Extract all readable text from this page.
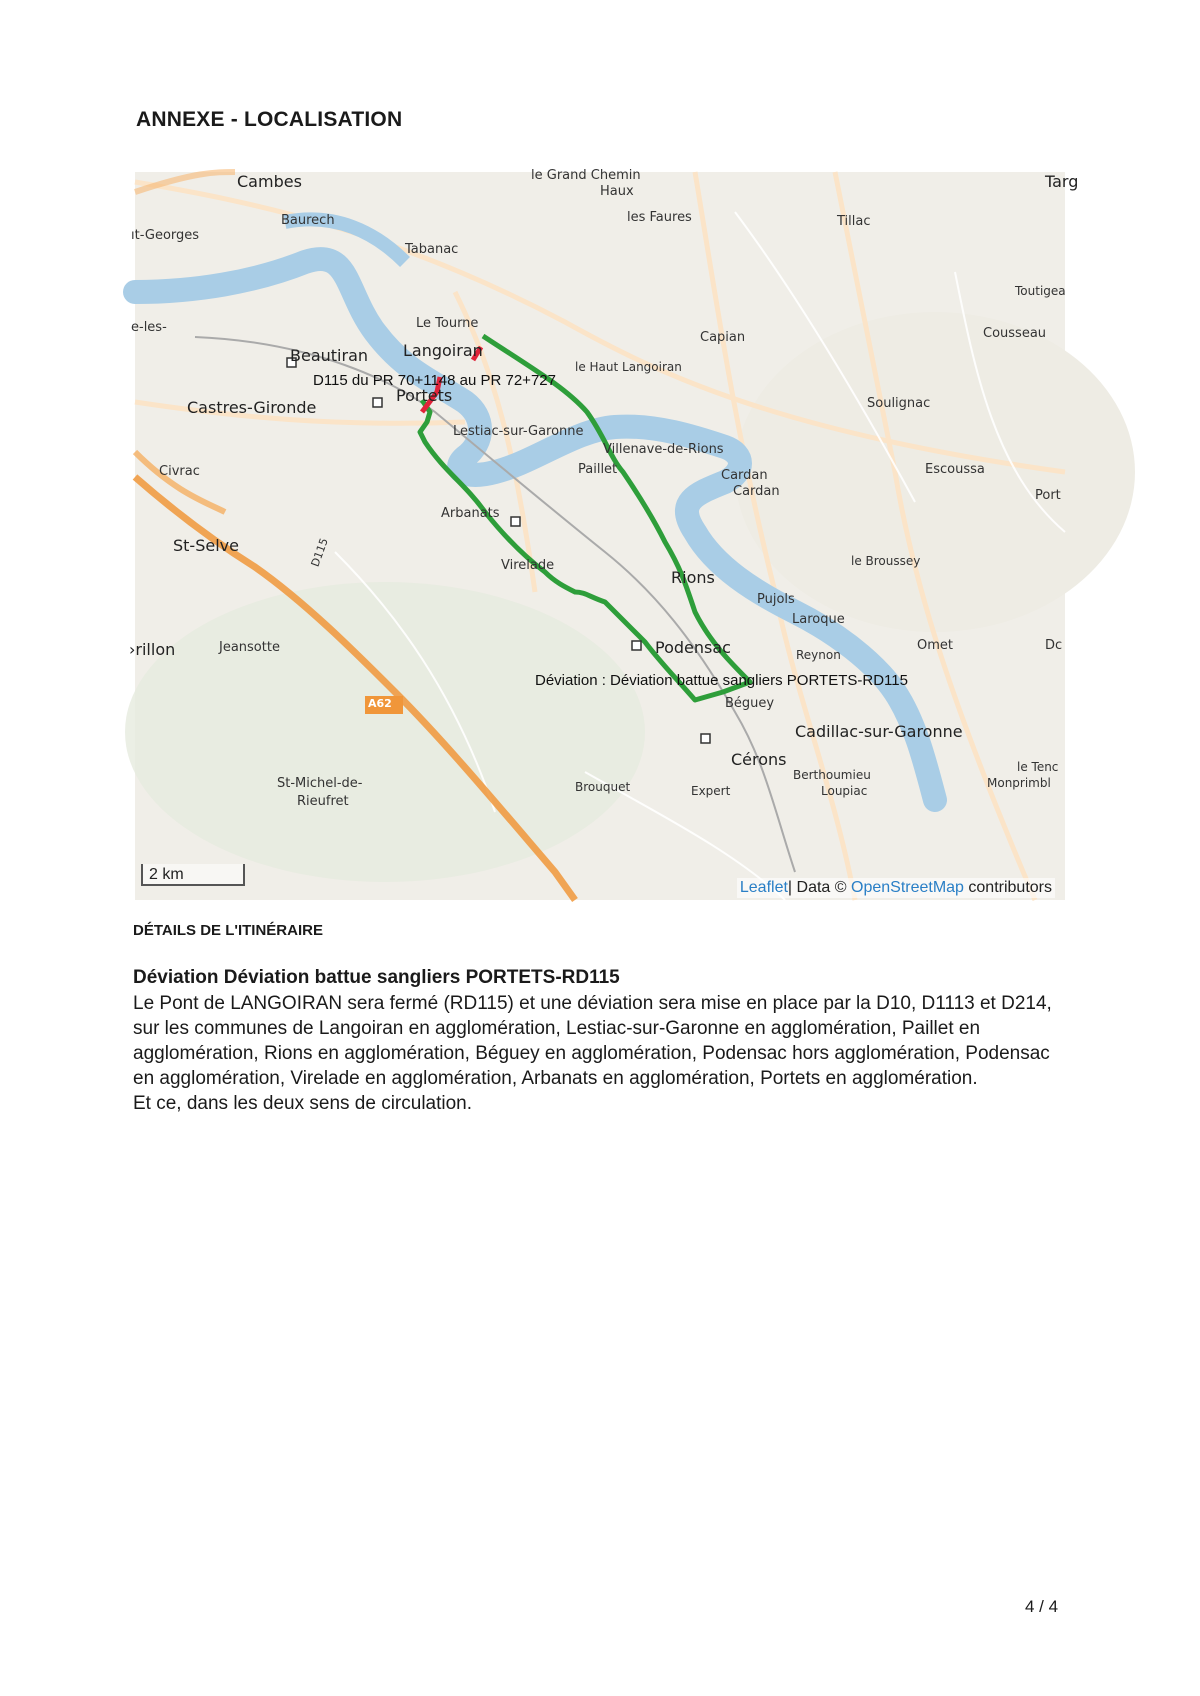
ANNEXE - LOCALISATION
Cambes	le Grand Chemin
Haux
Targ
les Faures	Tillac
Baurech
ıt-Georges
Tabanac
Toutigea
e-les-	Le Tourne
Capian	Cousseau
Langoiran
Beautiran
le Haut Langoiran
D115 du PR 70+1148 au PR 72+727
Portets
Castres-Gironde	Soulignac
Lestiac-sur-Garonne
Villenave-de-Rions
Civrac	Paillet	Cardan
Cardan
Escoussa
Port
Arbanats
St-Selve	D115	Virelade	le Broussey
Rions
Pujols
Laroque
›rillon	Jeansotte	Omet	Dc
Podensac	Reynon
Déviation : Déviation battue sangliers PORTETS-RD115
Béguey
A62
Cadillac-sur-Garonne
Cérons
St-Michel-de-
Rieufret
Brouquet	Expert
Berthoumieu
Loupiac
le Tenc
Monprimbl
2 km
Leaflet| Data © OpenStreetMap contributors
DÉTAILS DE L'ITINÉRAIRE
Déviation Déviation battue sangliers PORTETS-RD115

Le Pont de LANGOIRAN sera fermé (RD115) et une déviation sera mise en place par la D10, D1113 et D214, sur les communes de Langoiran en agglomération, Lestiac-sur-Garonne en agglomération, Paillet en agglomération, Rions en agglomération, Béguey en agglomération, Podensac hors agglomération, Podensac en agglomération, Virelade en agglomération, Arbanats en agglomération, Portets en agglomération.

Et ce, dans les deux sens de circulation.

4 / 4
